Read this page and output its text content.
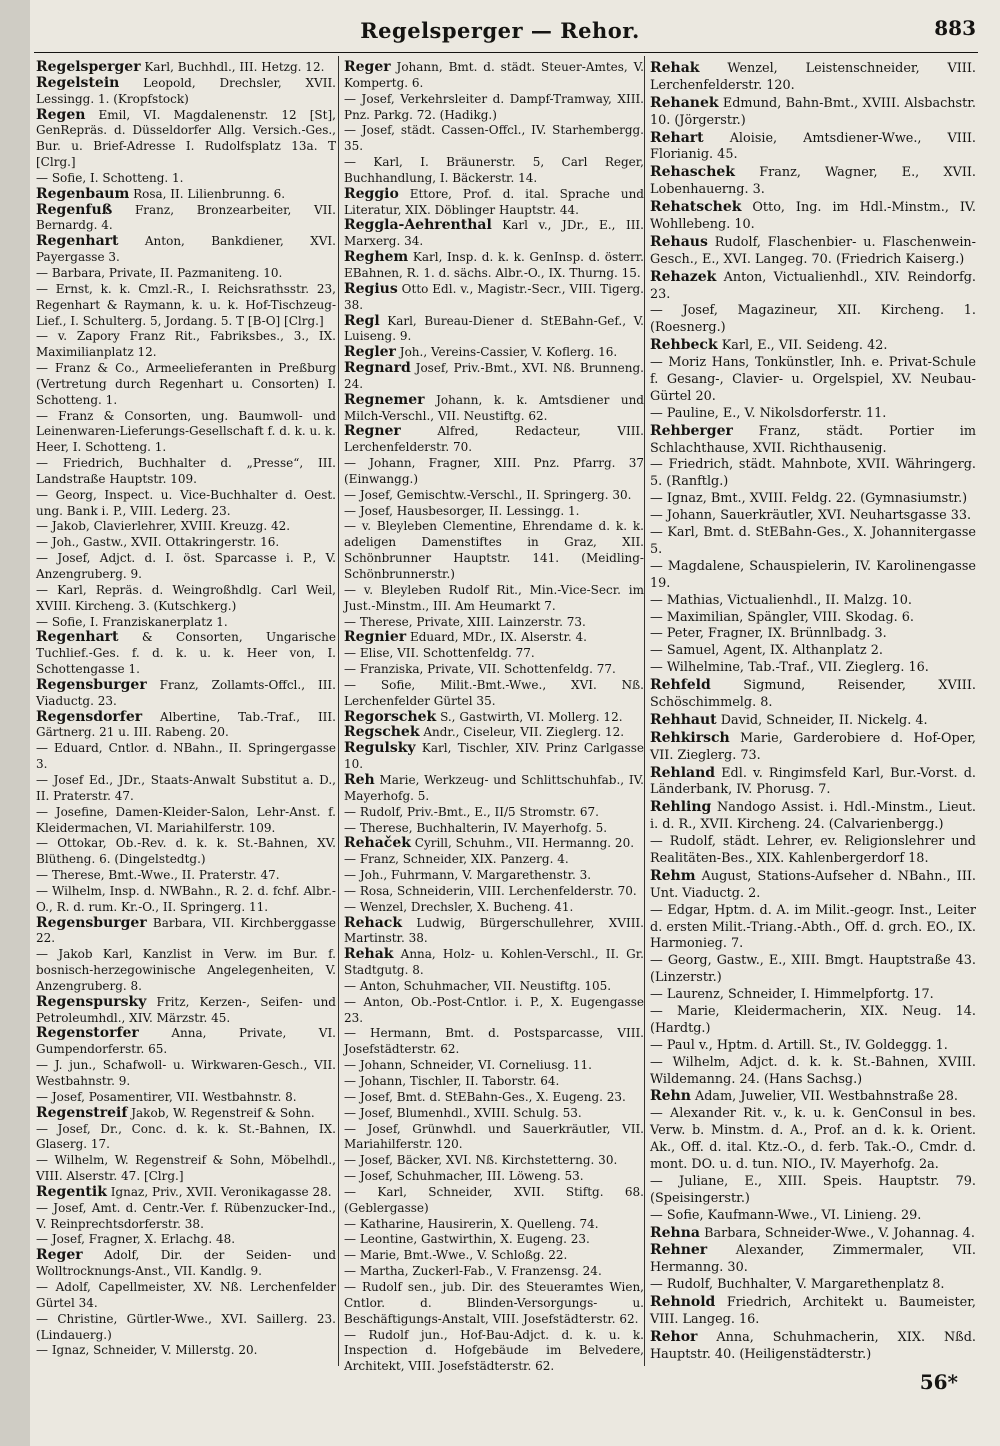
Regelsperger — Rehor.	883

Regelsperger Karl, Buchhdl., III. Hetzg. 12.

Regelstein Leopold, Drechsler, XVII. Lessingg. 1. (Kropfstock)

Regen Emil, VI. Magdalenenstr. 12 [St], GenRepräs. d. Düsseldorfer Allg. Versich.-Ges., Bur. u. Brief-Adresse I. Rudolfsplatz 13a. T [Clrg.]

— Sofie, I. Schotteng. 1.

Regenbaum Rosa, II. Lilienbrunng. 6.

Regenfuß Franz, Bronzearbeiter, VII. Bernardg. 4.

Regenhart Anton, Bankdiener, XVI. Payergasse 3.

— Barbara, Private, II. Pazmaniteng. 10.

— Ernst, k. k. Cmzl.-R., I. Reichsrathsstr. 23, Regenhart & Raymann, k. u. k. Hof-Tischzeug-Lief., I. Schulterg. 5, Jordang. 5. T [B-O] [Clrg.]

— v. Zapory Franz Rit., Fabriksbes., 3., IX. Maximilianplatz 12.

— Franz & Co., Armeelieferanten in Preßburg (Vertretung durch Regenhart u. Consorten) I. Schotteng. 1.

— Franz & Consorten, ung. Baumwoll- und Leinenwaren-Lieferungs-Gesellschaft f. d. k. u. k. Heer, I. Schotteng. 1.

— Friedrich, Buchhalter d. „Presse“, III. Landstraße Hauptstr. 109.

— Georg, Inspect. u. Vice-Buchhalter d. Oest. ung. Bank i. P., VIII. Lederg. 23.

— Jakob, Clavierlehrer, XVIII. Kreuzg. 42.

— Joh., Gastw., XVII. Ottakringerstr. 16.

— Josef, Adjct. d. I. öst. Sparcasse i. P., V. Anzengruberg. 9.

— Karl, Repräs. d. Weingroßhdlg. Carl Weil, XVIII. Kircheng. 3. (Kutschkerg.)

— Sofie, I. Franziskanerplatz 1.

Regenhart & Consorten, Ungarische Tuchlief.-Ges. f. d. k. u. k. Heer von, I. Schottengasse 1.

Regensburger Franz, Zollamts-Offcl., III. Viaductg. 23.

Regensdorfer Albertine, Tab.-Traf., III. Gärtnerg. 21 u. III. Rabeng. 20.

— Eduard, Cntlor. d. NBahn., II. Springergasse 3.

— Josef Ed., JDr., Staats-Anwalt Substitut a. D., II. Praterstr. 47.

— Josefine, Damen-Kleider-Salon, Lehr-Anst. f. Kleidermachen, VI. Mariahilferstr. 109.

— Ottokar, Ob.-Rev. d. k. k. St.-Bahnen, XV. Blütheng. 6. (Dingelstedtg.)

— Therese, Bmt.-Wwe., II. Praterstr. 47.

— Wilhelm, Insp. d. NWBahn., R. 2. d. fchf. Albr.-O., R. d. rum. Kr.-O., II. Springerg. 11.

Regensburger Barbara, VII. Kirchberggasse 22.

— Jakob Karl, Kanzlist in Verw. im Bur. f. bosnisch-herzegowinische Angelegenheiten, V. Anzengruberg. 8.

Regenspursky Fritz, Kerzen-, Seifen- und Petroleumhdl., XIV. Märzstr. 45.

Regenstorfer	Anna, Private, VI. Gumpendorferstr. 65.

— J. jun., Schafwoll- u. Wirkwaren-Gesch., VII. Westbahnstr. 9.

— Josef, Posamentirer, VII. Westbahnstr. 8.

Regenstreif Jakob, W. Regenstreif & Sohn.

— Josef, Dr., Conc. d. k. k. St.-Bahnen, IX. Glaserg. 17.

— Wilhelm, W. Regenstreif & Sohn, Möbelhdl., VIII. Alserstr. 47. [Clrg.]

Regentik Ignaz, Priv., XVII. Veronikagasse 28.

— Josef, Amt. d. Centr.-Ver. f. Rübenzucker-Ind., V. Reinprechtsdorferstr. 38.

— Josef, Fragner, X. Erlachg. 48.

Reger Adolf, Dir. der Seiden- und Wolltrocknungs-Anst., VII. Kandlg. 9.

— Adolf, Capellmeister, XV. Nß. Lerchenfelder Gürtel 34.

— Christine, Gürtler-Wwe., XVI. Saillerg. 23. (Lindauerg.)

— Ignaz, Schneider, V. Millerstg. 20.

Reger Johann, Bmt. d. städt. Steuer-Amtes, V. Kompertg. 6.

— Josef, Verkehrsleiter d. Dampf-Tramway, XIII. Pnz. Parkg. 72. (Hadikg.)

— Josef, städt. Cassen-Offcl., IV. Starhembergg. 35.

— Karl, I. Bräunerstr. 5, Carl Reger, Buchhandlung, I. Bäckerstr. 14.

Reggio Ettore, Prof. d. ital. Sprache und Literatur, XIX. Döblinger Hauptstr. 44.

Reggla-Aehrenthal Karl v., JDr., E., III. Marxerg. 34.

Reghem Karl, Insp. d. k. k. GenInsp. d. österr. EBahnen, R. 1. d. sächs. Albr.-O., IX. Thurng. 15.

Regius Otto Edl. v., Magistr.-Secr., VIII. Tigerg. 38.

Regl Karl, Bureau-Diener d. StEBahn-Gef., V. Luiseng. 9.

Regler Joh., Vereins-Cassier, V. Koflerg. 16.

Regnard Josef, Priv.-Bmt., XVI. Nß. Brunneng. 24.

Regnemer Johann, k. k. Amtsdiener und Milch-Verschl., VII. Neustiftg. 62.

Regner	Alfred, Redacteur, VIII. Lerchenfelderstr. 70.

— Johann, Fragner, XIII. Pnz. Pfarrg. 37 (Einwangg.)

— Josef, Gemischtw.-Verschl., II. Springerg. 30.

— Josef, Hausbesorger, II. Lessingg. 1.

— v. Bleyleben Clementine, Ehrendame d. k. k. adeligen Damenstiftes in Graz, XII. Schönbrunner Hauptstr. 141. (Meidling-Schönbrunnerstr.)

— v. Bleyleben Rudolf Rit., Min.-Vice-Secr. im Just.-Minstm., III. Am Heumarkt 7.

— Therese, Private, XIII. Lainzerstr. 73.

Regnier Eduard, MDr., IX. Alserstr. 4.

— Elise, VII. Schottenfeldg. 77.

— Franziska, Private, VII. Schottenfeldg. 77.

— Sofie, Milit.-Bmt.-Wwe., XVI. Nß. Lerchenfelder Gürtel 35.

Regorschek S., Gastwirth, VI. Mollerg. 12.

Regschek Andr., Ciseleur, VII. Zieglerg. 12.

Regulsky Karl, Tischler, XIV. Prinz Carlgasse 10.

Reh Marie, Werkzeug- und Schlittschuhfab., IV. Mayerhofg. 5.

— Rudolf, Priv.-Bmt., E., II/5 Stromstr. 67.

— Therese, Buchhalterin, IV. Mayerhofg. 5.

Rehaček Cyrill, Schuhm., VII. Hermanng. 20.

— Franz, Schneider, XIX. Panzerg. 4.

— Joh., Fuhrmann, V. Margarethenstr. 3.

— Rosa, Schneiderin, VIII. Lerchenfelderstr. 70.

— Wenzel, Drechsler, X. Bucheng. 41.

Rehack Ludwig, Bürgerschullehrer, XVIII. Martinstr. 38.

Rehak Anna, Holz- u. Kohlen-Verschl., II. Gr. Stadtgutg. 8.

— Anton, Schuhmacher, VII. Neustiftg. 105.

— Anton, Ob.-Post-Cntlor. i. P., X. Eugengasse 23.

— Hermann, Bmt. d. Postsparcasse, VIII. Josefstädterstr. 62.

— Johann, Schneider, VI. Corneliusg. 11.

— Johann, Tischler, II. Taborstr. 64.

— Josef, Bmt. d. StEBahn-Ges., X. Eugeng. 23.

— Josef, Blumenhdl., XVIII. Schulg. 53.

— Josef, Grünwhdl. und Sauerkräutler, VII. Mariahilferstr. 120.

— Josef, Bäcker, XVI. Nß. Kirchstetterng. 30.

— Josef, Schuhmacher, III. Löweng. 53.

— Karl, Schneider, XVII. Stiftg. 68. (Geblergasse)

— Katharine, Hausirerin, X. Quelleng. 74.

— Leontine, Gastwirthin, X. Eugeng. 23.

— Marie, Bmt.-Wwe., V. Schloßg. 22.

— Martha, Zuckerl-Fab., V. Franzensg. 24.

— Rudolf sen., jub. Dir. des Steueramtes Wien, Cntlor. d. Blinden-Versorgungs- u. Beschäftigungs-Anstalt, VIII. Josefstädterstr. 62.

— Rudolf jun., Hof-Bau-Adjct. d. k. u. k. Inspection d. Hofgebäude im Belvedere, Architekt, VIII. Josefstädterstr. 62.

Rehak Wenzel, Leistenschneider, VIII. Lerchenfelderstr. 120.

Rehanek Edmund, Bahn-Bmt., XVIII. Alsbachstr. 10. (Jörgerstr.)

Rehart Aloisie, Amtsdiener-Wwe., VIII. Florianig. 45.

Rehaschek Franz, Wagner, E., XVII. Lobenhauerng. 3.

Rehatschek Otto, Ing. im Hdl.-Minstm., IV. Wohllebeng. 10.

Rehaus Rudolf, Flaschenbier- u. Flaschenwein-Gesch., E., XVI. Langeg. 70. (Friedrich Kaiserg.)

Rehazek Anton, Victualienhdl., XIV. Reindorfg. 23.

— Josef, Magazineur, XII. Kircheng. 1. (Roesnerg.)

Rehbeck Karl, E., VII. Seideng. 42.

— Moriz Hans, Tonkünstler, Inh. e. Privat-Schule f. Gesang-, Clavier- u. Orgelspiel, XV. Neubau-Gürtel 20.

— Pauline, E., V. Nikolsdorferstr. 11.

Rehberger Franz, städt. Portier im Schlachthause, XVII. Richthausenig.

— Friedrich, städt. Mahnbote, XVII. Währingerg. 5. (Ranftlg.)

— Ignaz, Bmt., XVIII. Feldg. 22. (Gymnasiumstr.)

— Johann, Sauerkräutler, XVI. Neuhartsgasse 33.

— Karl, Bmt. d. StEBahn-Ges., X. Johannitergasse 5.

— Magdalene, Schauspielerin, IV. Karolinengasse 19.

— Mathias, Victualienhdl., II. Malzg. 10.

— Maximilian, Spängler, VIII. Skodag. 6.

— Peter, Fragner, IX. Brünnlbadg. 3.

— Samuel, Agent, IX. Althanplatz 2.

— Wilhelmine, Tab.-Traf., VII. Zieglerg. 16.

Rehfeld	Sigmund, Reisender, XVIII. Schöschimmelg. 8.

Rehhaut David, Schneider, II. Nickelg. 4.

Rehkirsch Marie, Garderobiere d. Hof-Oper, VII. Zieglerg. 73.

Rehland Edl. v. Ringimsfeld Karl, Bur.-Vorst. d. Länderbank, IV. Phorusg. 7.

Rehling Nandogo Assist. i. Hdl.-Minstm., Lieut. i. d. R., XVII. Kircheng. 24. (Calvarienbergg.)

— Rudolf, städt. Lehrer, ev. Religionslehrer und Realitäten-Bes., XIX. Kahlenbergerdorf 18.

Rehm August, Stations-Aufseher d. NBahn., III. Unt. Viaductg. 2.

— Edgar, Hptm. d. A. im Milit.-geogr. Inst., Leiter d. ersten Milit.-Triang.-Abth., Off. d. grch. EO., IX. Harmonieg. 7.

— Georg, Gastw., E., XIII. Bmgt. Hauptstraße 43. (Linzerstr.)

— Laurenz, Schneider, I. Himmelpfortg. 17.

— Marie, Kleidermacherin, XIX. Neug. 14. (Hardtg.)

— Paul v., Hptm. d. Artill. St., IV. Goldeggg. 1.

— Wilhelm, Adjct. d. k. k. St.-Bahnen, XVIII. Wildemanng. 24. (Hans Sachsg.)

Rehn Adam, Juwelier, VII. Westbahnstraße 28.

— Alexander Rit. v., k. u. k. GenConsul in bes. Verw. b. Minstm. d. A., Prof. an d. k. k. Orient. Ak., Off. d. ital. Ktz.-O., d. ferb. Tak.-O., Cmdr. d. mont. DO. u. d. tun. NIO., IV. Mayerhofg. 2a.

— Juliane, E., XIII. Speis. Hauptstr. 79. (Speisingerstr.)

— Sofie, Kaufmann-Wwe., VI. Linieng. 29.

Rehna Barbara, Schneider-Wwe., V. Johannag. 4.

Rehner Alexander, Zimmermaler, VII. Hermanng. 30.

— Rudolf, Buchhalter, V. Margarethenplatz 8.

Rehnold Friedrich, Architekt u. Baumeister, VIII. Langeg. 16.

Rehor Anna, Schuhmacherin, XIX. Nßd. Hauptstr. 40. (Heiligenstädterstr.)

56*
